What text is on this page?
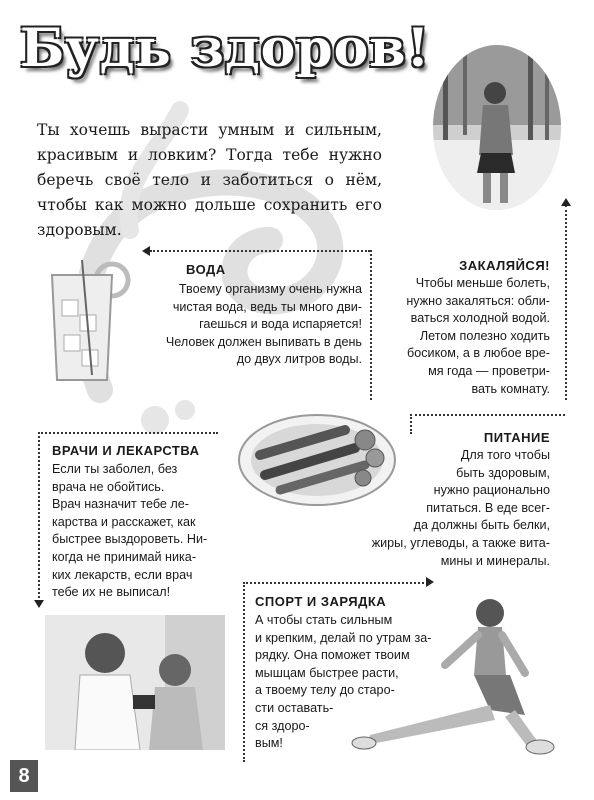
Будь здоров!

Ты хочешь вырасти умным и сильным, красивым и ловким? Тогда тебе нужно беречь своё тело и заботиться о нём, чтобы как можно дольше сохранить его здоровым.

ВОДА

Твоему организму очень нужна

чистая вода, ведь ты много дви-

гаешься и вода испаряется!

Человек должен выпивать в день

до двух литров воды.

ЗАКАЛЯЙСЯ!

Чтобы меньше болеть,

нужно закаляться: обли-

ваться холодной водой.

Летом полезно ходить

босиком, а в любое вре-

мя года — проветри-

вать комнату.

ПИТАНИЕ

Для того чтобы

быть здоровым,

нужно рационально

питаться. В еде всег-

да должны быть белки,

жиры, углеводы, а также вита-

мины и минералы.

ВРАЧИ И ЛЕКАРСТВА

Если ты заболел, без

врача не обойтись.

Врач назначит тебе ле-

карства и расскажет, как

быстрее выздороветь. Ни-

когда не принимай ника-

ких лекарств, если врач

тебе их не выписал!

СПОРТ И ЗАРЯДКА

А чтобы стать сильным

и крепким, делай по утрам за-

рядку. Она поможет твоим

мышцам быстрее расти,

а твоему телу до старо-

сти оставать-

ся здоро-

вым!

8
